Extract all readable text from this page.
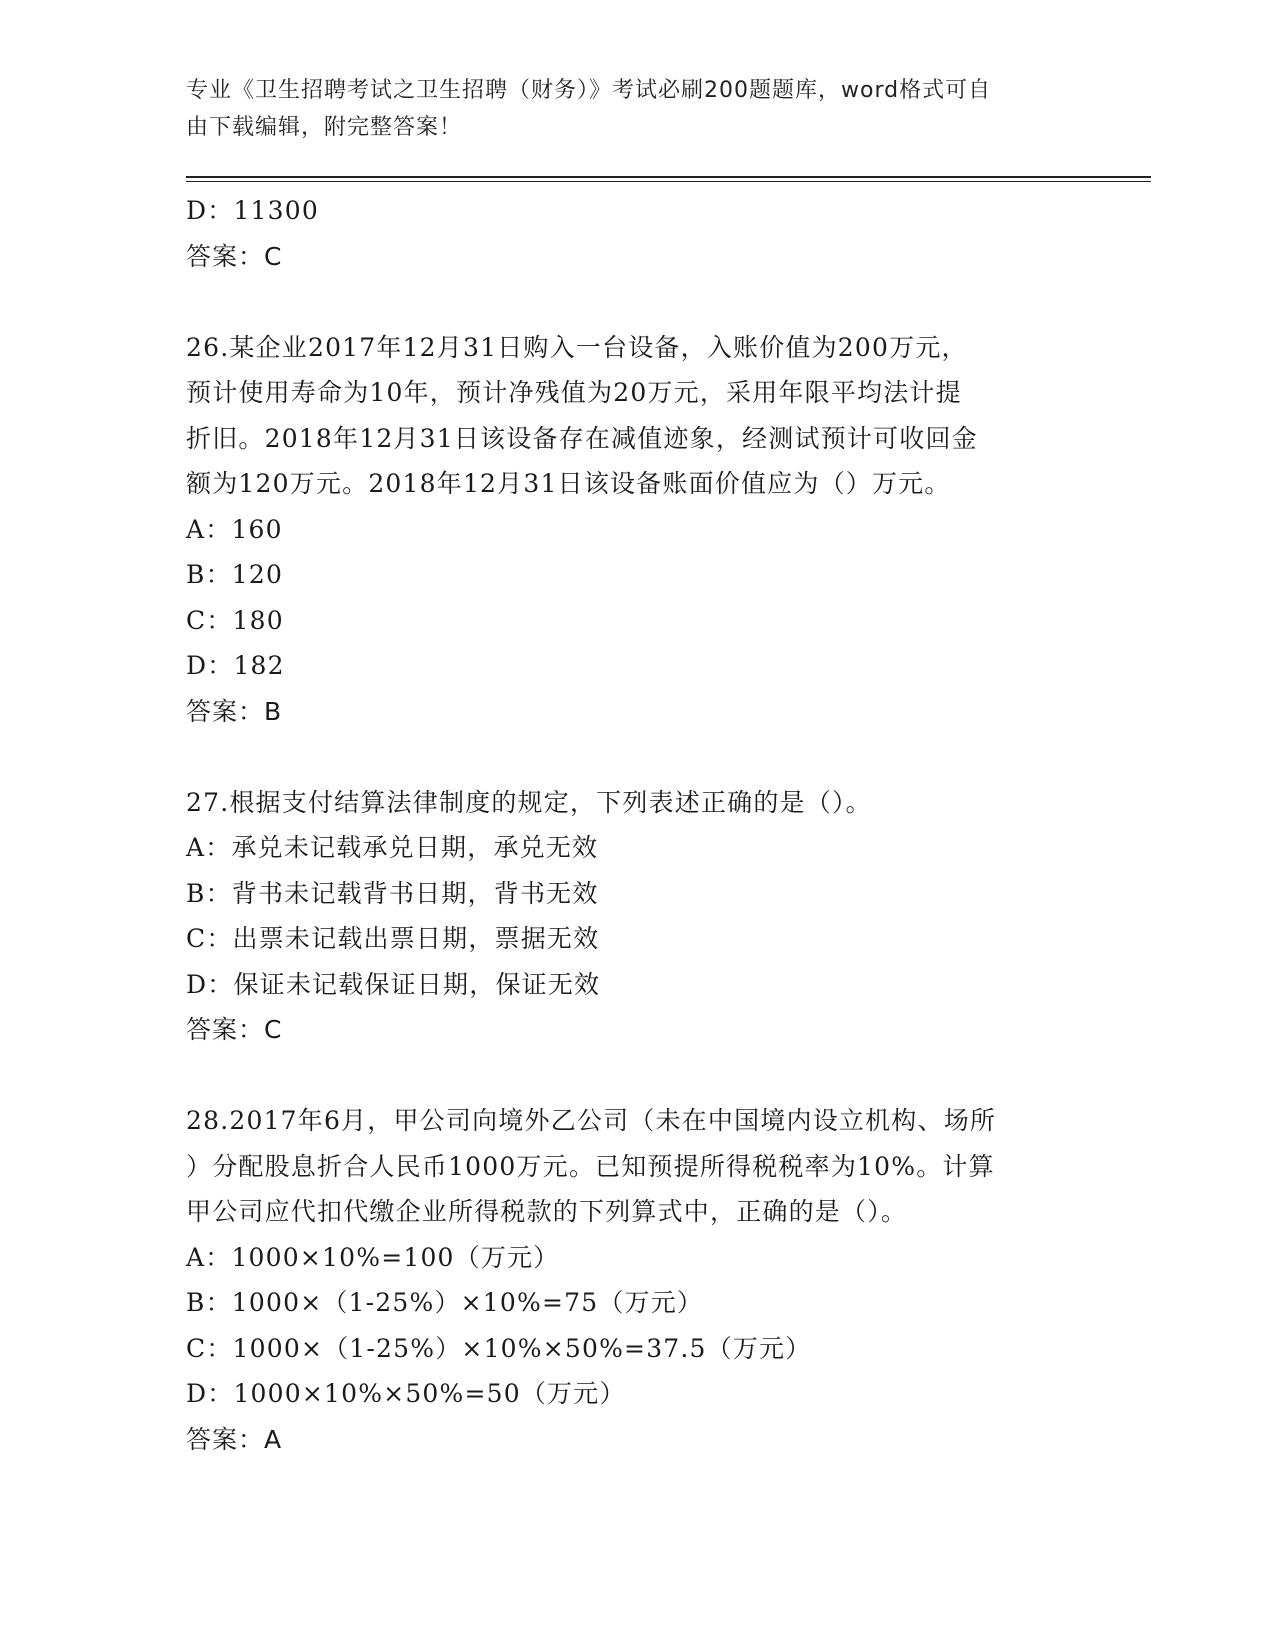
专业《卫生招聘考试之卫生招聘（财务）》考试必刷200题题库，word格式可自
由下载编辑，附完整答案！
D：11300
答案：C
26.某企业2017年12月31日购入一台设备，入账价值为200万元，
预计使用寿命为10年，预计净残值为20万元，采用年限平均法计提
折旧。2018年12月31日该设备存在减值迹象，经测试预计可收回金
额为120万元。2018年12月31日该设备账面价值应为（）万元。
A：160
B：120
C：180
D：182
答案：B
27.根据支付结算法律制度的规定，下列表述正确的是（）。
A：承兑未记载承兑日期，承兑无效
B：背书未记载背书日期，背书无效
C：出票未记载出票日期，票据无效
D：保证未记载保证日期，保证无效
答案：C
28.2017年6月，甲公司向境外乙公司（未在中国境内设立机构、场所
）分配股息折合人民币1000万元。已知预提所得税税率为10%。计算
甲公司应代扣代缴企业所得税款的下列算式中，正确的是（）。
A：1000×10%=100（万元）
B：1000×（1-25%）×10%=75（万元）
C：1000×（1-25%）×10%×50%=37.5（万元）
D：1000×10%×50%=50（万元）
答案：A
